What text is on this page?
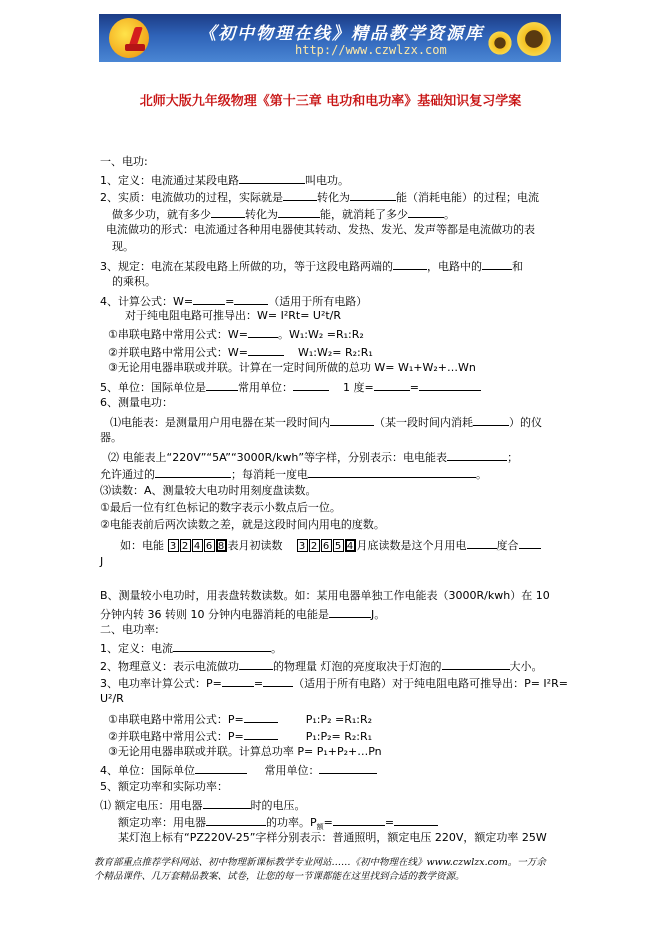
《初中物理在线》精品教学资源库
http://www.czwlzx.com
北师大版九年级物理《第十三章 电功和电功率》基础知识复习学案
一、电功:
1、定义：电流通过某段电路	叫电功。
2、实质：电流做功的过程，实际就是	转化为	能（消耗电能）的过程；电流
做多少功，就有多少	转化为	能，就消耗了多少	。
电流做功的形式：电流通过各种用电器使其转动、发热、发光、发声等都是电流做功的表
现。
3、规定：电流在某段电路上所做的功，等于这段电路两端的	，电路中的	和
的乘积。
4、计算公式：W=	=	（适用于所有电路）
对于纯电阻电路可推导出：W= I²Rt= U²t/R
①串联电路中常用公式：W=	。W₁:W₂ =R₁:R₂
②并联电路中常用公式：W=	W₁:W₂= R₂:R₁
③无论用电器串联或并联。计算在一定时间所做的总功 W= W₁+W₂+…Wn
5、单位：国际单位是	常用单位：	1 度=	=
6、测量电功：
⑴电能表：是测量用户用电器在某一段时间内	（某一段时间内消耗	）的仪
器。
⑵ 电能表上“220V”“5A”“3000R/kwh”等字样，分别表示：电电能表	；
允许通过的	；每消耗一度电	。
⑶读数：A、测量较大电功时用刻度盘读数。
①最后一位有红色标记的数字表示小数点后一位。
②电能表前后两次读数之差，就是这段时间内用电的度数。
如：电能 3 2 4 6 8 表月初读数 3 2 6 5 4 月底读数是这个月用电	度合
J
B、测量较小电功时，用表盘转数读数。如：某用电器单独工作电能表（3000R/kwh）在 10
分钟内转 36 转则 10 分钟内电器消耗的电能是	J。
二、电功率:
1、定义：电流	。
2、物理意义：表示电流做功	的物理量 灯泡的亮度取决于灯泡的	大小。
3、电功率计算公式：P=	=	（适用于所有电路）对于纯电阻电路可推导出：P= I²R=
U²/R
①串联电路中常用公式：P=	P₁:P₂ =R₁:R₂
②并联电路中常用公式：P=	P₁:P₂= R₂:R₁
③无论用电器串联或并联。计算总功率 P= P₁+P₂+…Pn
4、单位：国际单位	常用单位：
5、额定功率和实际功率：
⑴ 额定电压：用电器	时的电压。
额定功率：用电器	的功率。$P_额=$	=
某灯泡上标有“PZ220V-25”字样分别表示：普通照明，额定电压 220V，额定功率 25W
教育部重点推荐学科网站、初中物理新课标教学专业网站……《初中物理在线》www.czwlzx.com。一万余
个精品课件、几万套精品教案、试卷，让您的每一节课都能在这里找到合适的教学资源。
